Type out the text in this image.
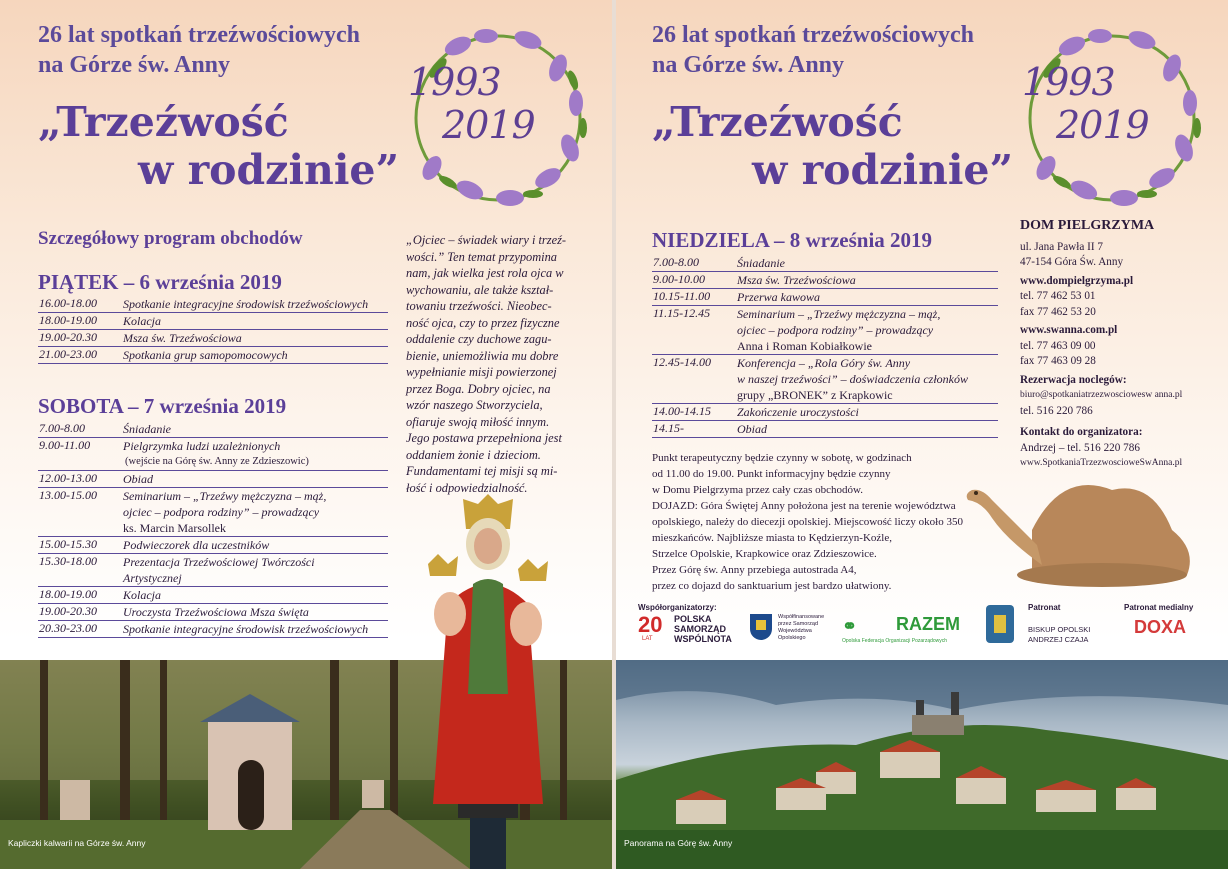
26 lat spotkań trzeźwościowych
na Górze św. Anny
„Trzeźwość
w rodzinie”
1993
2019
Szczegółowy program obchodów
PIĄTEK – 6 września 2019
16.00-18.00	Spotkanie integracyjne środowisk trzeźwościowych
18.00-19.00	Kolacja
19.00-20.30	Msza św. Trzeźwościowa
21.00-23.00	Spotkania grup samopomocowych
SOBOTA – 7 września 2019
7.00-8.00	Śniadanie
9.00-11.00	Pielgrzymka ludzi uzależnionych
(wejście na Górę św. Anny ze Zdzieszowic)
12.00-13.00	Obiad
13.00-15.00	Seminarium – „Trzeźwy mężczyzna – mąż,
ojciec – podpora rodziny” – prowadzący
ks. Marcin Marsollek
15.00-15.30	Podwieczorek dla uczestników
15.30-18.00	Prezentacja Trzeźwościowej Twórczości
Artystycznej
18.00-19.00	Kolacja
19.00-20.30	Uroczysta Trzeźwościowa Msza święta
20.30-23.00	Spotkanie integracyjne środowisk trzeźwościowych
„Ojciec – świadek wiary i trzeź-
wości.” Ten temat przypomina
nam, jak wielka jest rola ojca w
wychowaniu, ale także kształ-
towaniu trzeźwości. Nieobec-
ność ojca, czy to przez fizyczne
oddalenie czy duchowe zagu-
bienie, uniemożliwia mu dobre
wypełnianie misji powierzonej
przez Boga. Dobry ojciec, na
wzór naszego Stworzyciela,
ofiaruje swoją miłość innym.
Jego postawa przepełniona jest
oddaniem żonie i dzieciom.
Fundamentami tej misji są mi-
łość i odpowiedzialność.
Kapliczki kalwarii na Górze św. Anny
26 lat spotkań trzeźwościowych
na Górze św. Anny
„Trzeźwość
w rodzinie”
1993
2019
NIEDZIELA – 8 września 2019
7.00-8.00	Śniadanie
9.00-10.00	Msza św. Trzeźwościowa
10.15-11.00	Przerwa kawowa
11.15-12.45	Seminarium – „Trzeźwy mężczyzna – mąż,
ojciec – podpora rodziny” – prowadzący
Anna i Roman Kobiałkowie
12.45-14.00	Konferencja – „Rola Góry św. Anny
w naszej trzeźwości” – doświadczenia członków
grupy „BRONEK” z Krapkowic
14.00-14.15	Zakończenie uroczystości
14.15-	Obiad
Punkt terapeutyczny będzie czynny w sobotę, w godzinach
od 11.00 do 19.00. Punkt informacyjny będzie czynny
w Domu Pielgrzyma przez cały czas obchodów.
DOJAZD: Góra Świętej Anny położona jest na terenie województwa
opolskiego, należy do diecezji opolskiej. Miejscowość liczy około 350
mieszkańców. Najbliższe miasta to Kędzierzyn-Koźle,
Strzelce Opolskie, Krapkowice oraz Zdzieszowice.
Przez Górę św. Anny przebiega autostrada A4,
przez co dojazd do sanktuarium jest bardzo ułatwiony.
DOM PIELGRZYMA
ul. Jana Pawła II 7
47-154 Góra Św. Anny
www.dompielgrzyma.pl
tel. 77 462 53 01
fax 77 462 53 20
www.swanna.com.pl
tel. 77 463 09 00
fax 77 463 09 28
Rezerwacja noclegów:
biuro@spotkaniatrzezwosciowesw anna.pl
tel. 516 220 786
Kontakt do organizatora:
Andrzej – tel. 516 220 786
www.SpotkaniaTrzezwoscioweSwAnna.pl
Współorganizatorzy:
20
LAT
POLSKA
SAMORZĄD
WSPÓLNOTA
Współfinansowane
przez Samorząd
Województwa
Opolskiego
⚭ RAZEM
Opolska Federacja Organizacji Pozarządowych
Patronat
BISKUP OPOLSKI
ANDRZEJ CZAJA
Patronat medialny
DOXA
Panorama na Górę św. Anny
